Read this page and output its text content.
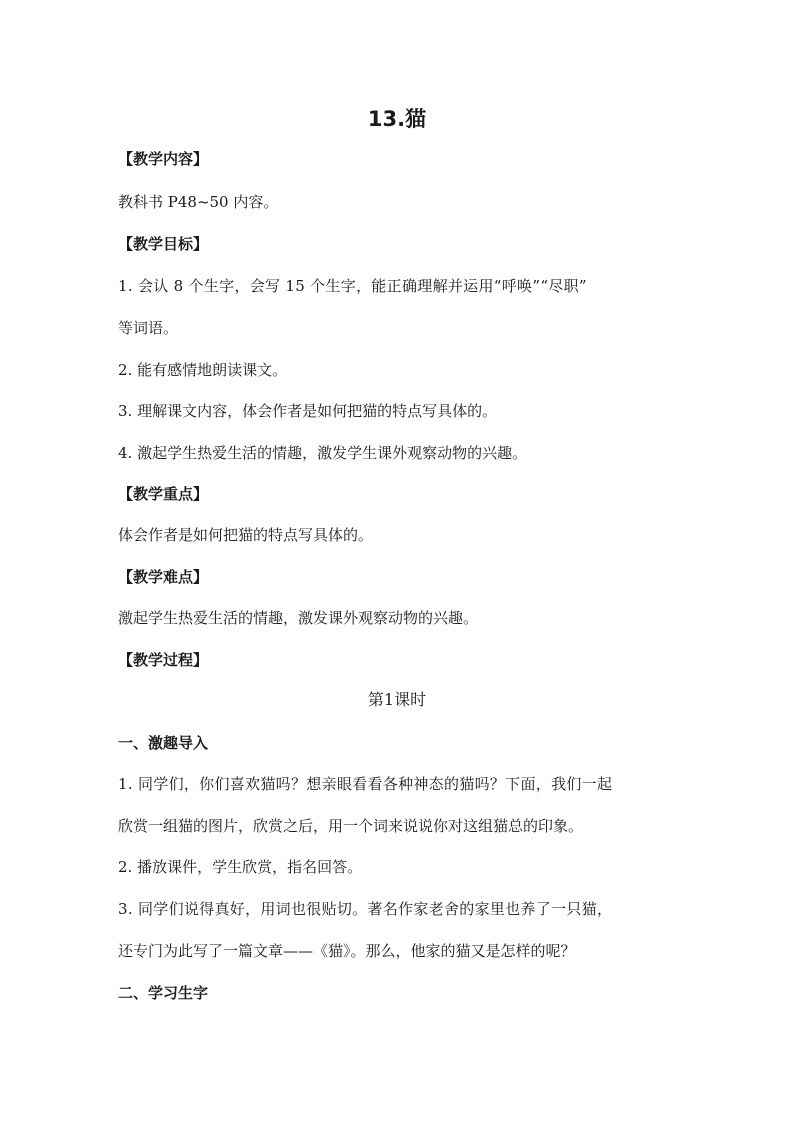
13.猫
【教学内容】
教科书 P48~50 内容。
【教学目标】
1. 会认 8 个生字，会写 15 个生字，能正确理解并运用“呼唤”“尽职”
等词语。
2. 能有感情地朗读课文。
3. 理解课文内容，体会作者是如何把猫的特点写具体的。
4. 激起学生热爱生活的情趣，激发学生课外观察动物的兴趣。
【教学重点】
体会作者是如何把猫的特点写具体的。
【教学难点】
激起学生热爱生活的情趣，激发课外观察动物的兴趣。
【教学过程】
第1课时
一、激趣导入
1. 同学们，你们喜欢猫吗？想亲眼看看各种神态的猫吗？下面，我们一起
欣赏一组猫的图片，欣赏之后，用一个词来说说你对这组猫总的印象。
2. 播放课件，学生欣赏，指名回答。
3. 同学们说得真好，用词也很贴切。著名作家老舍的家里也养了一只猫，
还专门为此写了一篇文章——《猫》。那么，他家的猫又是怎样的呢？
二、学习生字
